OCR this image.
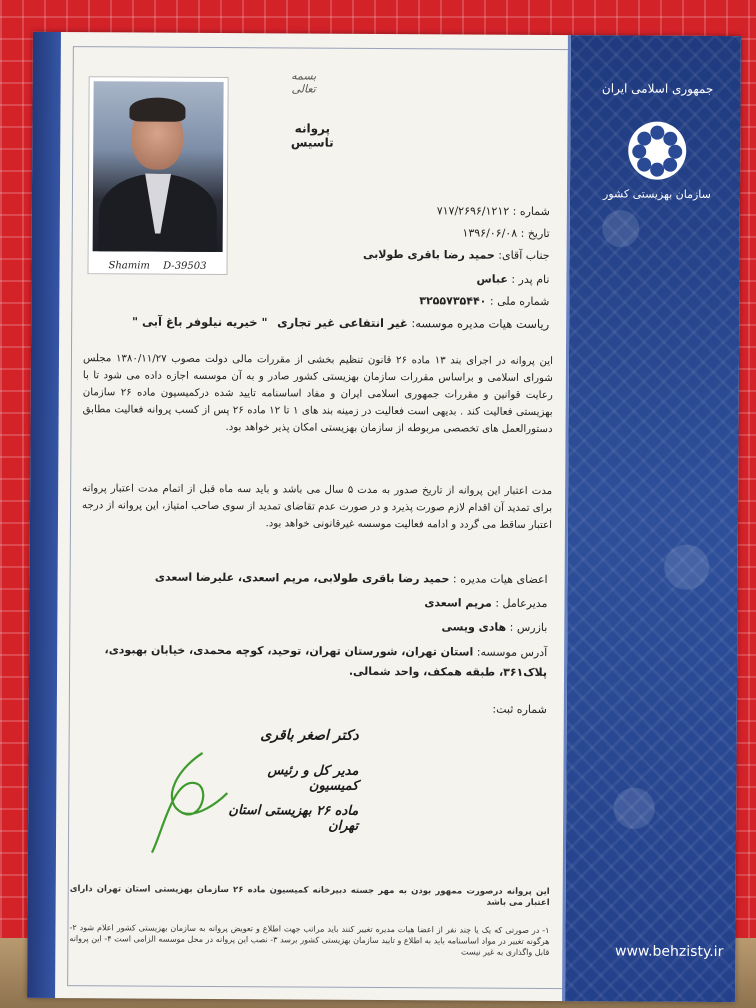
جمهوری اسلامی ایران
سازمان بهزیستی کشور
www.behzisty.ir
Shamim D-39503
بسمه تعالی
پروانه تاسیس
شماره : ۷۱۷/۲۶۹۶/۱۲۱۲
تاریخ : ۱۳۹۶/۰۶/۰۸
جناب آقای: حمید رضا باقری طولابی
نام پدر : عباس
شماره ملی : ۳۲۵۵۷۳۵۴۴۰
ریاست هیات مدیره موسسه: غیر انتفاعی غیر تجاری " خیریه نیلوفر باغ آبی "
این پروانه در اجرای بند ۱۳ ماده ۲۶ قانون تنظیم بخشی از مقررات مالی دولت مصوب ۱۳۸۰/۱۱/۲۷ مجلس شورای اسلامی و براساس مقررات سازمان بهزیستی کشور صادر و به آن موسسه اجازه داده می شود تا با رعایت قوانین و مقررات جمهوری اسلامی ایران و مفاد اساسنامه تایید شده درکمیسیون ماده ۲۶ سازمان بهزیستی فعالیت کند . بدیهی است فعالیت در زمینه بند های ۱ تا ۱۲ ماده ۲۶ پس از کسب پروانه فعالیت مطابق دستورالعمل های تخصصی مربوطه از سازمان بهزیستی امکان پذیر خواهد بود.
مدت اعتبار این پروانه از تاریخ صدور به مدت ۵ سال می باشد و باید سه ماه قبل از اتمام مدت اعتبار پروانه برای تمدید آن اقدام لازم صورت پذیرد و در صورت عدم تقاضای تمدید از سوی صاحب امتیاز، این پروانه از درجه اعتبار ساقط می گردد و ادامه فعالیت موسسه غیرقانونی خواهد بود.
اعضای هیات مدیره : حمید رضا باقری طولابی، مریم اسعدی، علیرضا اسعدی
مدیرعامل : مریم اسعدی
بازرس : هادی ویسی
آدرس موسسه: استان تهران، شورستان تهران، توحید، کوچه محمدی، خیابان بهبودی، پلاک۳۶۱، طبقه همکف، واحد شمالی.
شماره ثبت:
دکتر اصغر باقری
مدیر کل و رئیس کمیسیون
ماده ۲۶ بهزیستی استان تهران
این پروانه درصورت ممهور بودن به مهر جسته دبیرخانه کمیسیون ماده ۲۶ سازمان بهزیستی استان تهران دارای اعتبار می باشد
۱- در صورتی که یک یا چند نفر از اعضا هیات مدیره تغییر کنند باید مراتب جهت اطلاع و تعویض پروانه به سازمان بهزیستی کشور اعلام شود ۲- هرگونه تغییر در مواد اساسنامه باید به اطلاع و تایید سازمان بهزیستی کشور برسد ۳- نصب این پروانه در محل موسسه الزامی است ۴- این پروانه قابل واگذاری به غیر نیست
